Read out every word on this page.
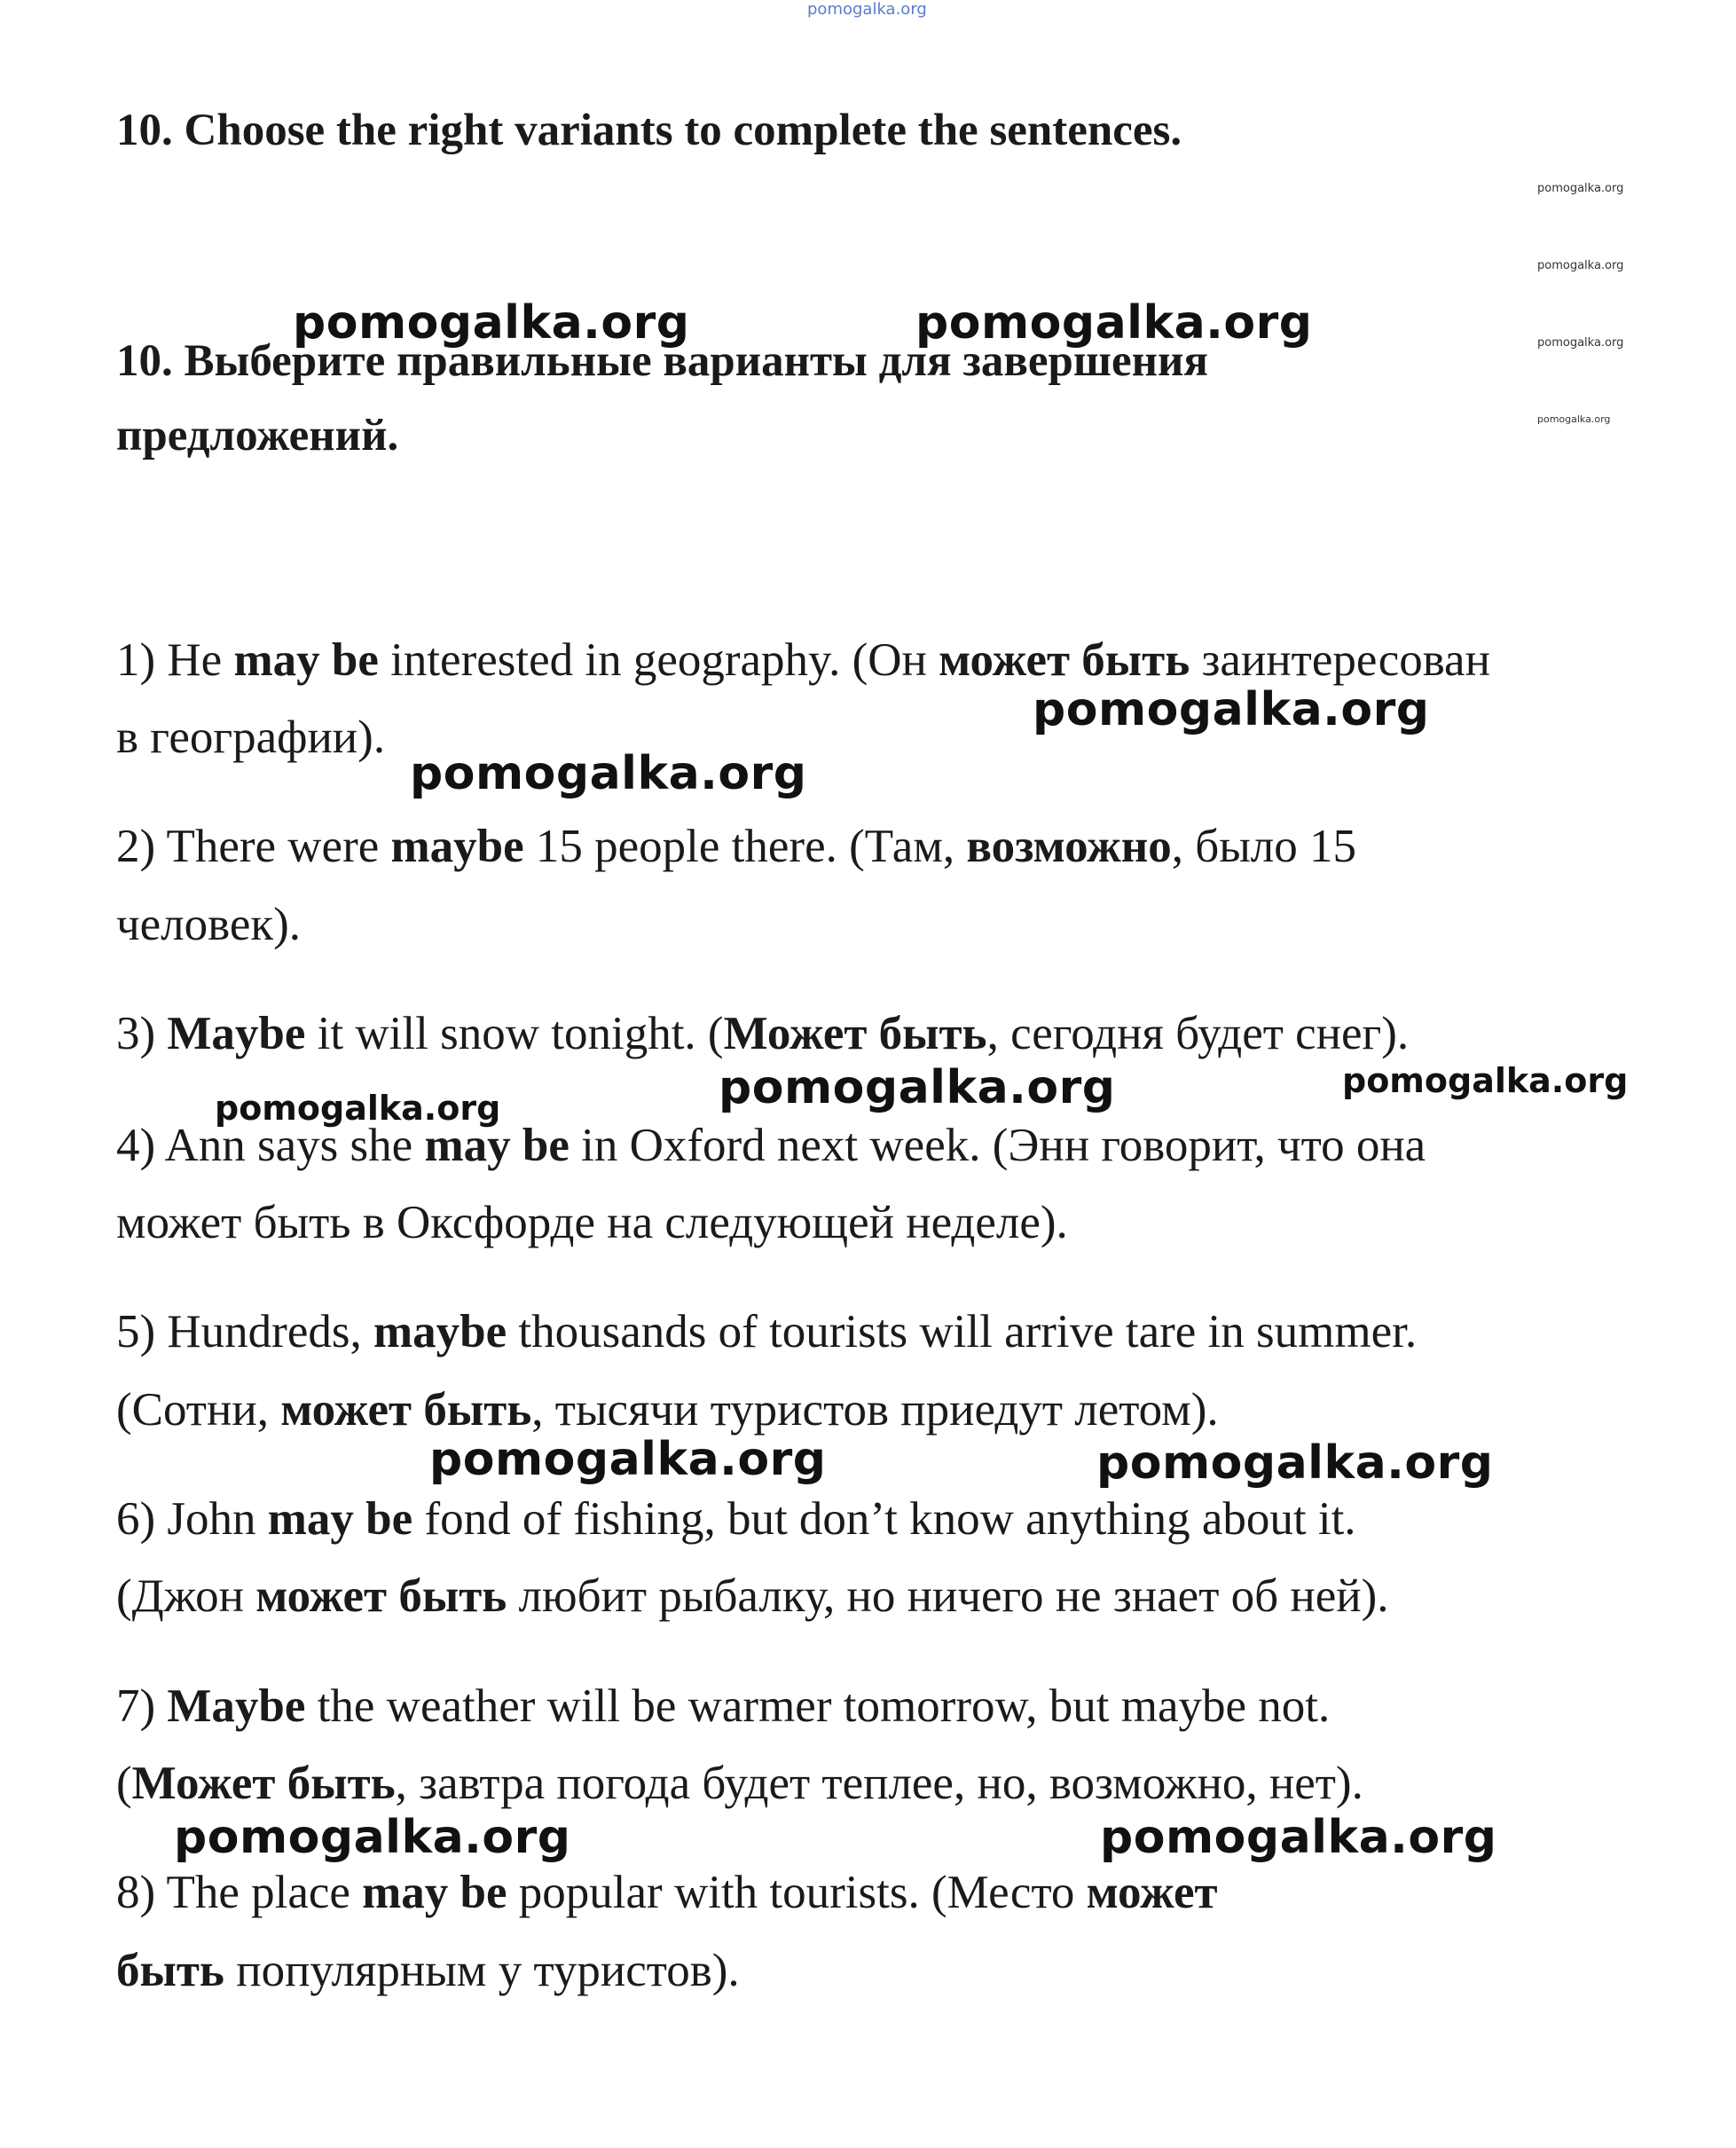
pomogalka.org
10. Choose the right variants to complete the sentences.
10. Выберите правильные варианты для завершения
предложений.
pomogalka.org
pomogalka.org
pomogalka.org
pomogalka.org

1) He may be interested in geography. (Он может быть заинтересован

в географии).

2) There were maybe 15 people there. (Там, возможно, было 15

человек).

3) Maybe it will snow tonight. (Может быть, сегодня будет снег).

4) Ann says she may be in Oxford next week. (Энн говорит, что она

может быть в Оксфорде на следующей неделе).

5) Hundreds, maybe thousands of tourists will arrive tare in summer.

(Сотни, может быть, тысячи туристов приедут летом).

6) John may be fond of fishing, but don’t know anything about it.

(Джон может быть любит рыбалку, но ничего не знает об ней).

7) Maybe the weather will be warmer tomorrow, but maybe not.

(Может быть, завтра погода будет теплее, но, возможно, нет).

8) The place may be popular with tourists. (Место может

быть популярным у туристов).

pomogalka.org	pomogalka.org
pomogalka.org
pomogalka.org
pomogalka.org	pomogalka.org	pomogalka.org
pomogalka.org	pomogalka.org
pomogalka.org	pomogalka.org
